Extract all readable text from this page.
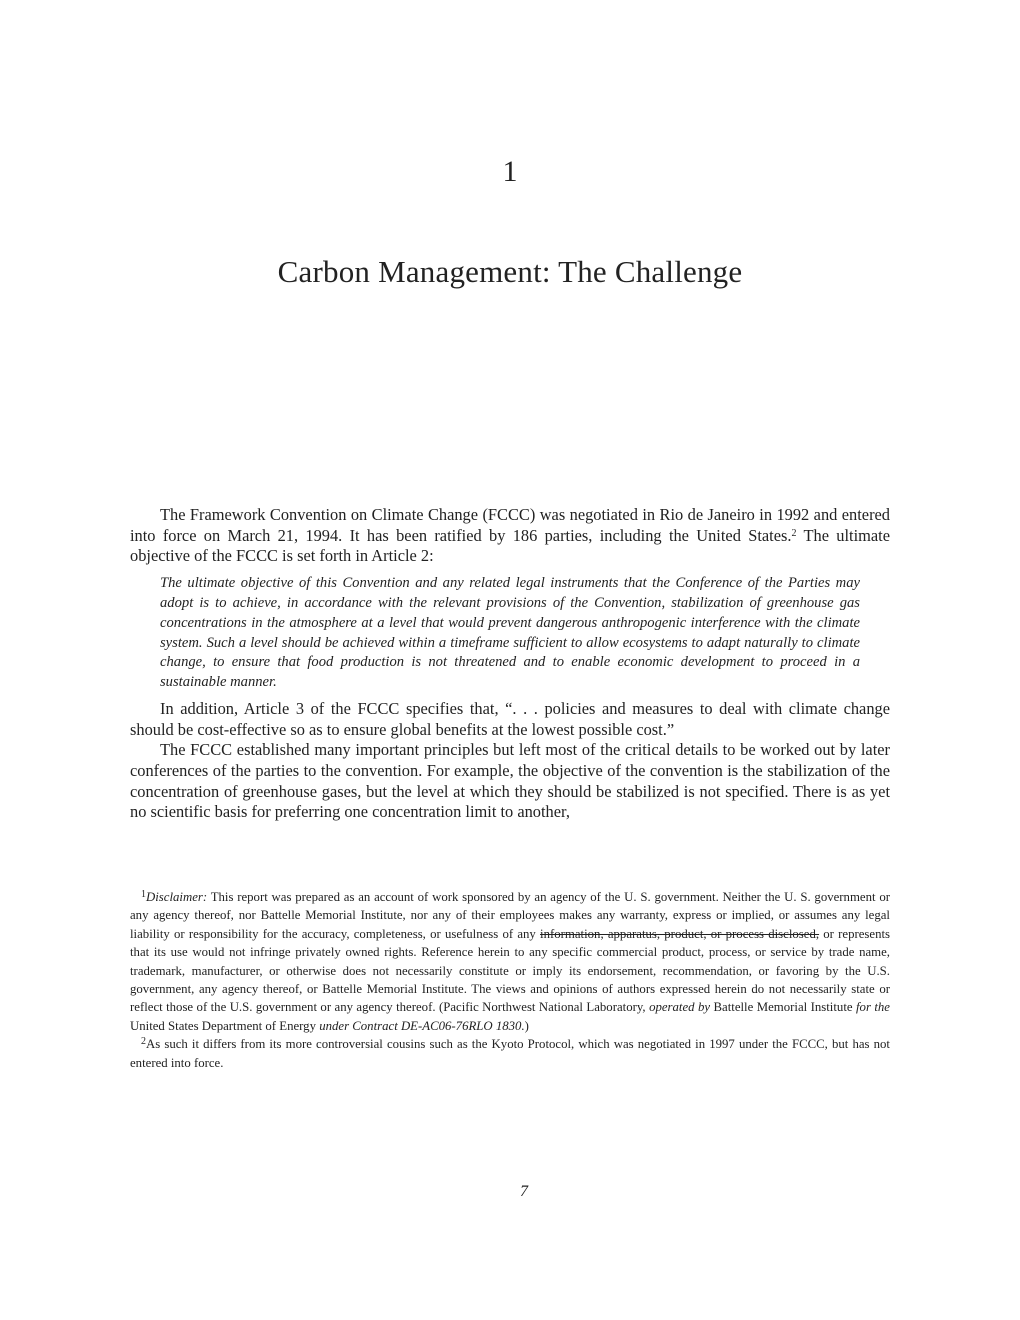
1
Carbon Management: The Challenge

The Framework Convention on Climate Change (FCCC) was negotiated in Rio de Janeiro in 1992 and entered into force on March 21, 1994. It has been ratified by 186 parties, including the United States.$^2$ The ultimate objective of the FCCC is set forth in Article 2:

The ultimate objective of this Convention and any related legal instruments that the Conference of the Parties may adopt is to achieve, in accordance with the relevant provisions of the Convention, stabilization of greenhouse gas concentrations in the atmosphere at a level that would prevent dangerous anthropogenic interference with the climate system. Such a level should be achieved within a timeframe sufficient to allow ecosystems to adapt naturally to climate change, to ensure that food production is not threatened and to enable economic development to proceed in a sustainable manner.

In addition, Article 3 of the FCCC specifies that, “. . . policies and measures to deal with climate change should be cost-effective so as to ensure global benefits at the lowest possible cost.”

The FCCC established many important principles but left most of the critical details to be worked out by later conferences of the parties to the convention. For example, the objective of the convention is the stabilization of the concentration of greenhouse gases, but the level at which they should be stabilized is not specified. There is as yet no scientific basis for preferring one concentration limit to another,

$^1$Disclaimer: This report was prepared as an account of work sponsored by an agency of the U. S. government. Neither the U. S. government or any agency thereof, nor Battelle Memorial Institute, nor any of their employees makes any warranty, express or implied, or assumes any legal liability or responsibility for the accuracy, completeness, or usefulness of any information, apparatus, product, or process disclosed, or represents that its use would not infringe privately owned rights. Reference herein to any specific commercial product, process, or service by trade name, trademark, manufacturer, or otherwise does not necessarily constitute or imply its endorsement, recommendation, or favoring by the U.S. government, any agency thereof, or Battelle Memorial Institute. The views and opinions of authors expressed herein do not necessarily state or reflect those of the U.S. government or any agency thereof. (Pacific Northwest National Laboratory, operated by Battelle Memorial Institute for the United States Department of Energy under Contract DE-AC06-76RLO 1830.)

$^2$As such it differs from its more controversial cousins such as the Kyoto Protocol, which was negotiated in 1997 under the FCCC, but has not entered into force.

7
